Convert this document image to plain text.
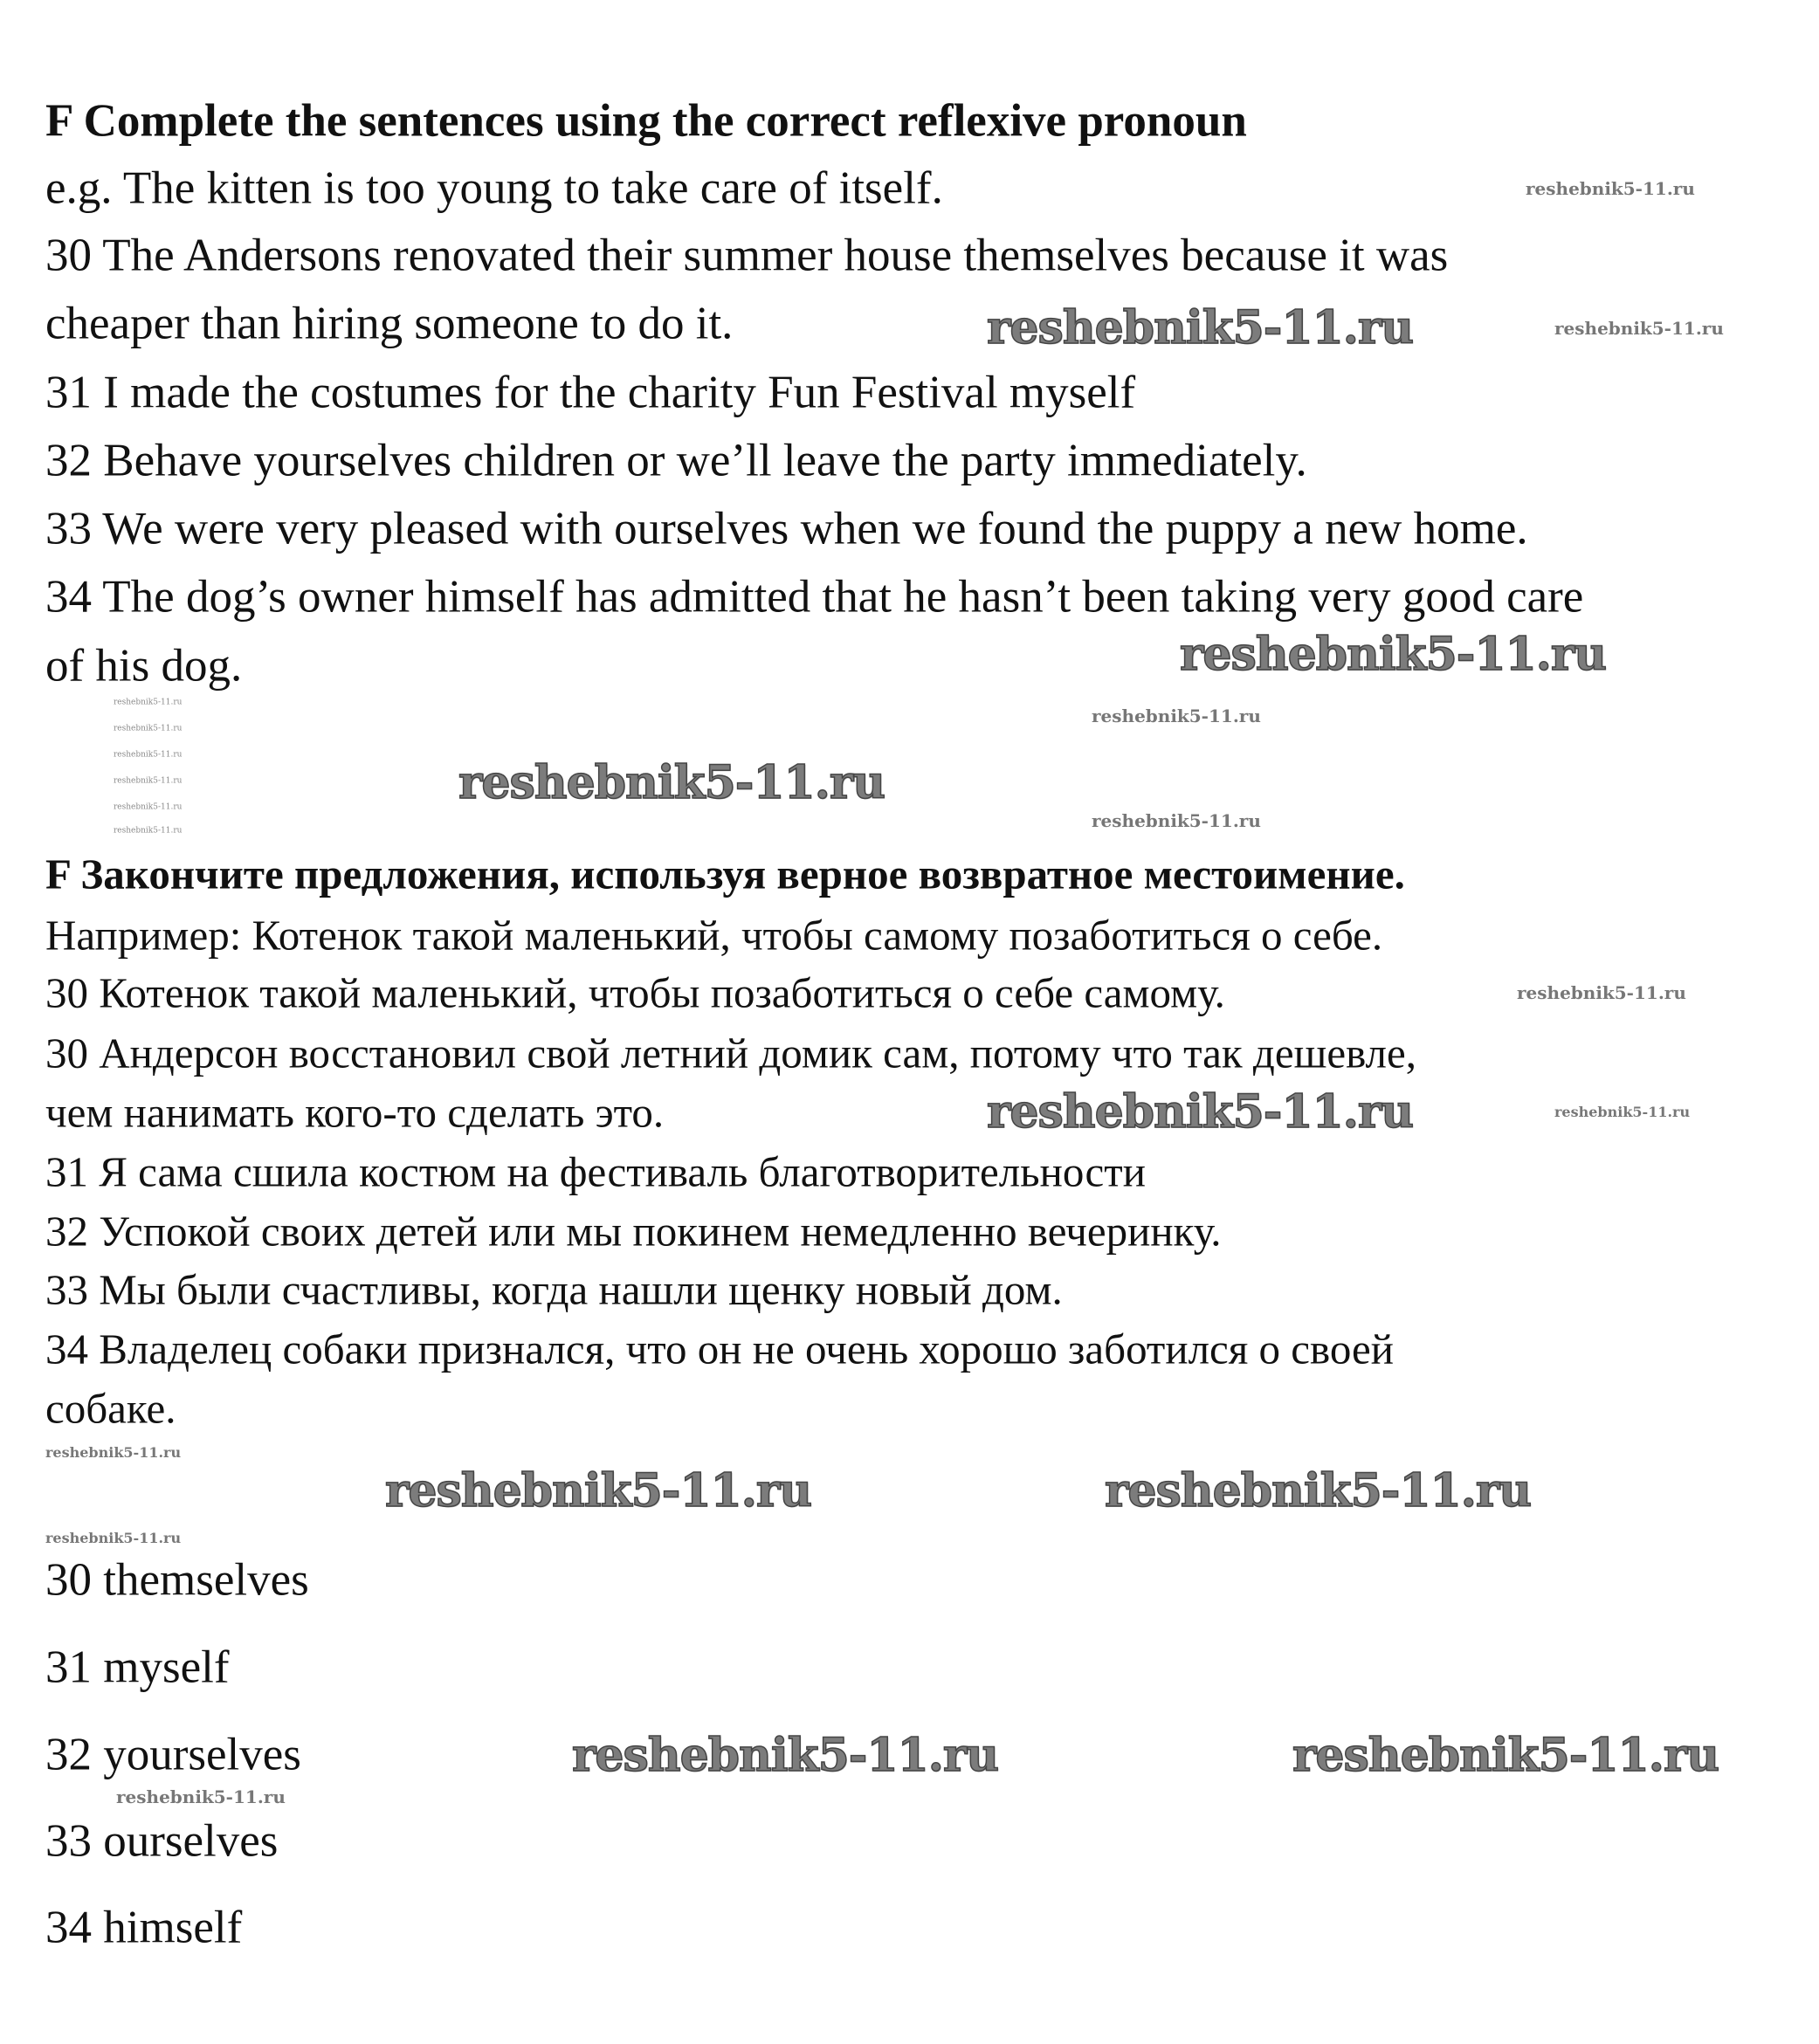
F Complete the sentences using the correct reflexive pronoun
e.g. The kitten is too young to take care of itself.
30 The Andersons renovated their summer house themselves because it was
cheaper than hiring someone to do it.
31 I made the costumes for the charity Fun Festival myself
32 Behave yourselves children or we’ll leave the party immediately.
33 We were very pleased with ourselves when we found the puppy a new home.
34 The dog’s owner himself has admitted that he hasn’t been taking very good care
of his dog.
F Закончите предложения, используя верное возвратное местоимение.
Например: Котенок такой маленький, чтобы самому позаботиться о себе.
30 Котенок такой маленький, чтобы позаботиться о себе самому.
30 Андерсон восстановил свой летний домик сам, потому что так дешевле,
чем нанимать кого-то сделать это.
31 Я сама сшила костюм на фестиваль благотворительности
32 Успокой своих детей или мы покинем немедленно вечеринку.
33 Мы были счастливы, когда нашли щенку новый дом.
34 Владелец собаки признался, что он не очень хорошо заботился о своей
собаке.
30 themselves
31 myself
32 yourselves
33 ourselves
34 himself
reshebnik5-11.ru
reshebnik5-11.ru
reshebnik5-11.ru
reshebnik5-11.ru
reshebnik5-11.ru	reshebnik5-11.ru
reshebnik5-11.ru	reshebnik5-11.ru
reshebnik5-11.ru
reshebnik5-11.ru
reshebnik5-11.ru
reshebnik5-11.ru
reshebnik5-11.ru
reshebnik5-11.ru
reshebnik5-11.ru
reshebnik5-11.ru
reshebnik5-11.ru
reshebnik5-11.ru
reshebnik5-11.ru
reshebnik5-11.ru
reshebnik5-11.ru
reshebnik5-11.ru
reshebnik5-11.ru
